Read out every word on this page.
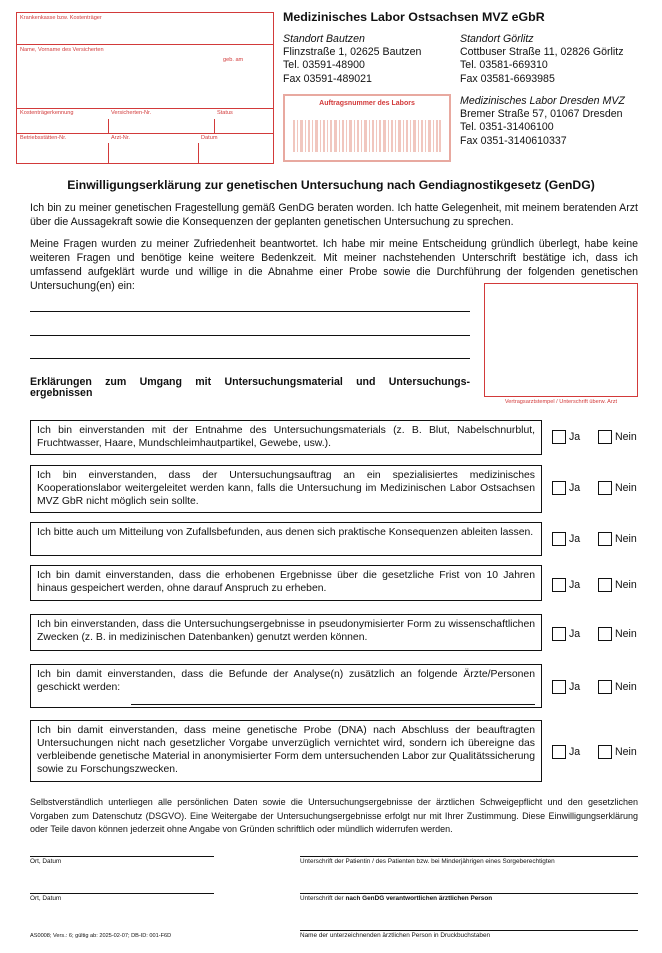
Krankenkasse bzw. Kostenträger
Name, Vorname des Versicherten
geb. am
Kostenträgerkennung	Versicherten-Nr.	Status
Betriebsstätten-Nr.	Arzt-Nr.	Datum
Medizinisches Labor Ostsachsen MVZ eGbR
Standort Bautzen
Flinzstraße 1, 02625 Bautzen
Tel. 03591-48900
Fax 03591-489021
Standort Görlitz
Cottbuser Straße 11, 02826 Görlitz
Tel. 03581-669310
Fax 03581-6693985
Medizinisches Labor Dresden MVZ
Bremer Straße 57, 01067 Dresden
Tel. 0351-31406100
Fax 0351-3140610337
Auftragsnummer des Labors
Einwilligungserklärung zur genetischen Untersuchung nach Gendiagnostikgesetz (GenDG)
Ich bin zu meiner genetischen Fragestellung gemäß GenDG beraten worden. Ich hatte Gelegenheit, mit meinem beratenden Arzt über die Aussagekraft sowie die Konsequenzen der geplanten genetischen Untersuchung zu sprechen.
Meine Fragen wurden zu meiner Zufriedenheit beantwortet. Ich habe mir meine Entscheidung gründlich überlegt, habe keine weiteren Fragen und benötige keine weitere Bedenkzeit. Mit meiner nachstehenden Unterschrift bestätige ich, dass ich umfassend aufgeklärt wurde und willige in die Abnahme einer Probe sowie die Durchführung der folgenden genetischen Untersuchung(en) ein:
Vertragsarztstempel / Unterschrift überw. Arzt
Erklärungen zum Umgang mit Untersuchungsmaterial und Untersuchungs-ergebnissen
Ich bin einverstanden mit der Entnahme des Untersuchungsmaterials (z. B. Blut, Nabelschnurblut, Fruchtwasser, Haare, Mundschleimhautpartikel, Gewebe, usw.).
Ja	Nein
Ich bin einverstanden, dass der Untersuchungsauftrag an ein spezialisiertes medizinisches Kooperationslabor weitergeleitet werden kann, falls die Untersuchung im Medizinischen Labor Ostsachsen MVZ GbR nicht möglich sein sollte.
Ja	Nein
Ich bitte auch um Mitteilung von Zufallsbefunden, aus denen sich praktische Konsequenzen ableiten lassen.
Ja	Nein
Ich bin damit einverstanden, dass die erhobenen Ergebnisse über die gesetzliche Frist von 10 Jahren hinaus gespeichert werden, ohne darauf Anspruch zu erheben.	Ja	Nein
Ich bin einverstanden, dass die Untersuchungsergebnisse in pseudonymisierter Form zu wissenschaftlichen Zwecken (z. B. in medizinischen Datenbanken) genutzt werden können.	Ja	Nein
Ich bin damit einverstanden, dass die Befunde der Analyse(n) zusätzlich an folgende Ärzte/Personen geschickt werden:	Ja	Nein
Ich bin damit einverstanden, dass meine genetische Probe (DNA) nach Abschluss der beauftragten Untersuchungen nicht nach gesetzlicher Vorgabe unverzüglich vernichtet wird, sondern ich übereigne das verbleibende genetische Material in anonymisierter Form dem untersuchenden Labor zur Qualitätssicherung sowie zu Forschungszwecken.
Ja	Nein
Selbstverständlich unterliegen alle persönlichen Daten sowie die Untersuchungsergebnisse der ärztlichen Schweigepflicht und den gesetzlichen Vorgaben zum Datenschutz (DSGVO). Eine Weitergabe der Untersuchungsergebnisse erfolgt nur mit Ihrer Zustimmung. Diese Einwilligungserklärung oder Teile davon können jederzeit ohne Angabe von Gründen schriftlich oder mündlich widerrufen werden.
Ort, Datum	Unterschrift der Patientin / des Patienten bzw. bei Minderjährigen eines Sorgeberechtigten
Ort, Datum	Unterschrift der nach GenDG verantwortlichen ärztlichen Person
Name der unterzeichnenden ärztlichen Person in Druckbuchstaben
AS0008; Vers.: 6; gültig ab: 2025-02-07; DB-ID: 001-F6D
